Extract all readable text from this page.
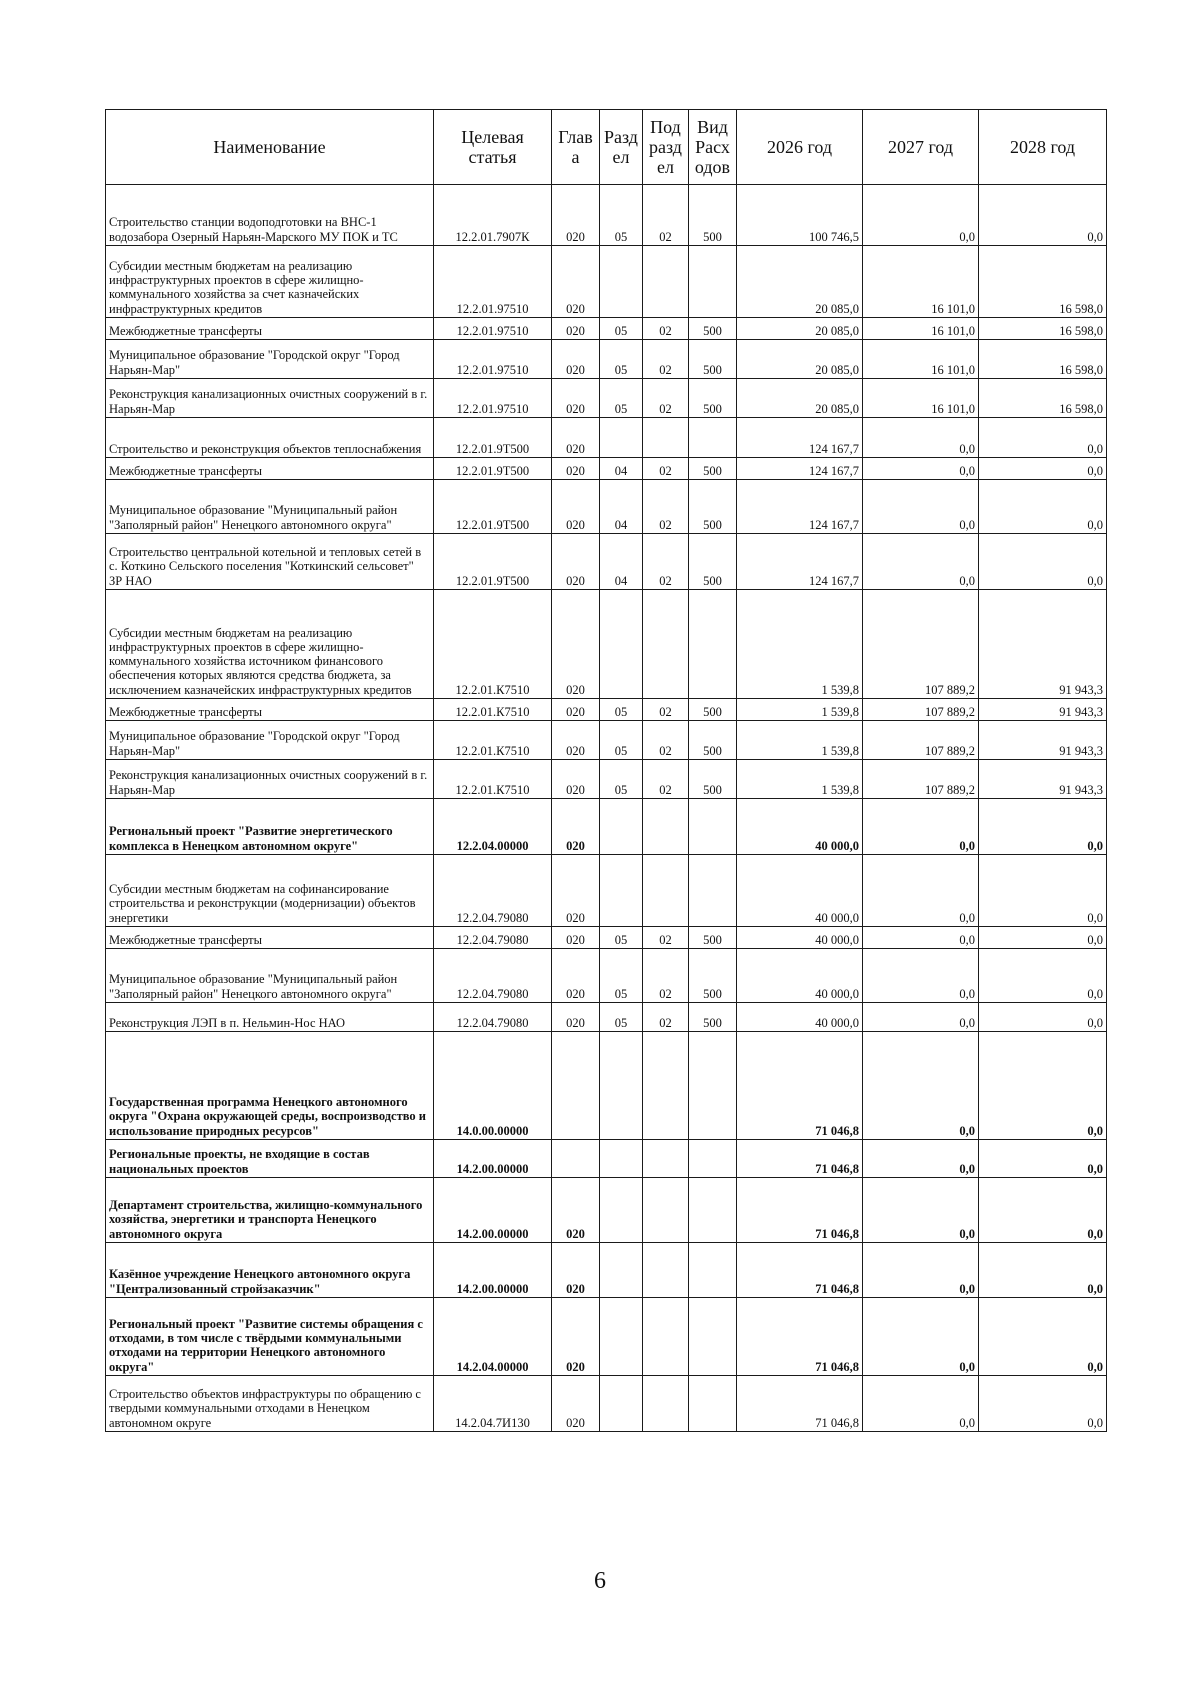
Наименование	Целевая статья	Глав а	Разд ел	Под разд ел	Вид Расх одов	2026 год	2027 год	2028 год
Строительство станции водоподготовки на ВНС-1 водозабора Озерный Нарьян-Марского МУ ПОК и ТС	12.2.01.7907К	020	05	02	500	100 746,5	0,0	0,0
Субсидии местным бюджетам на реализацию инфраструктурных проектов в сфере жилищно-коммунального хозяйства за счет казначейских инфраструктурных кредитов	12.2.01.97510	020				20 085,0	16 101,0	16 598,0
Межбюджетные трансферты	12.2.01.97510	020	05	02	500	20 085,0	16 101,0	16 598,0
Муниципальное образование "Городской округ "Город Нарьян-Мар"	12.2.01.97510	020	05	02	500	20 085,0	16 101,0	16 598,0
Реконструкция канализационных очистных сооружений в г. Нарьян-Мар	12.2.01.97510	020	05	02	500	20 085,0	16 101,0	16 598,0
Строительство и реконструкция объектов теплоснабжения	12.2.01.9Т500	020				124 167,7	0,0	0,0
Межбюджетные трансферты	12.2.01.9Т500	020	04	02	500	124 167,7	0,0	0,0
Муниципальное образование "Муниципальный район "Заполярный район" Ненецкого автономного округа"	12.2.01.9Т500	020	04	02	500	124 167,7	0,0	0,0
Строительство центральной котельной и тепловых сетей в с. Коткино Сельского поселения "Коткинский сельсовет" ЗР НАО	12.2.01.9Т500	020	04	02	500	124 167,7	0,0	0,0
Субсидии местным бюджетам на реализацию инфраструктурных проектов в сфере жилищно-коммунального хозяйства источником финансового обеспечения которых являются средства бюджета, за исключением казначейских инфраструктурных кредитов	12.2.01.К7510	020				1 539,8	107 889,2	91 943,3
Межбюджетные трансферты	12.2.01.К7510	020	05	02	500	1 539,8	107 889,2	91 943,3
Муниципальное образование "Городской округ "Город Нарьян-Мар"	12.2.01.К7510	020	05	02	500	1 539,8	107 889,2	91 943,3
Реконструкция канализационных очистных сооружений в г. Нарьян-Мар	12.2.01.К7510	020	05	02	500	1 539,8	107 889,2	91 943,3
Региональный проект "Развитие энергетического комплекса в Ненецком автономном округе"	12.2.04.00000	020				40 000,0	0,0	0,0
Субсидии местным бюджетам на софинансирование строительства и реконструкции (модернизации) объектов энергетики	12.2.04.79080	020				40 000,0	0,0	0,0
Межбюджетные трансферты	12.2.04.79080	020	05	02	500	40 000,0	0,0	0,0
Муниципальное образование "Муниципальный район "Заполярный район" Ненецкого автономного округа"	12.2.04.79080	020	05	02	500	40 000,0	0,0	0,0
Реконструкция ЛЭП в п. Нельмин-Нос НАО	12.2.04.79080	020	05	02	500	40 000,0	0,0	0,0
Государственная программа Ненецкого автономного округа "Охрана окружающей среды, воспроизводство и использование природных ресурсов"	14.0.00.00000					71 046,8	0,0	0,0
Региональные проекты, не входящие в состав национальных проектов	14.2.00.00000					71 046,8	0,0	0,0
Департамент строительства, жилищно-коммунального хозяйства, энергетики и транспорта Ненецкого автономного округа	14.2.00.00000	020				71 046,8	0,0	0,0
Казённое учреждение Ненецкого автономного округа "Централизованный стройзаказчик"	14.2.00.00000	020				71 046,8	0,0	0,0
Региональный проект "Развитие системы обращения с отходами, в том числе с твёрдыми коммунальными отходами на территории Ненецкого автономного округа"	14.2.04.00000	020				71 046,8	0,0	0,0
Строительство объектов инфраструктуры по обращению с твердыми коммунальными отходами в Ненецком автономном округе	14.2.04.7И130	020				71 046,8	0,0	0,0
6
